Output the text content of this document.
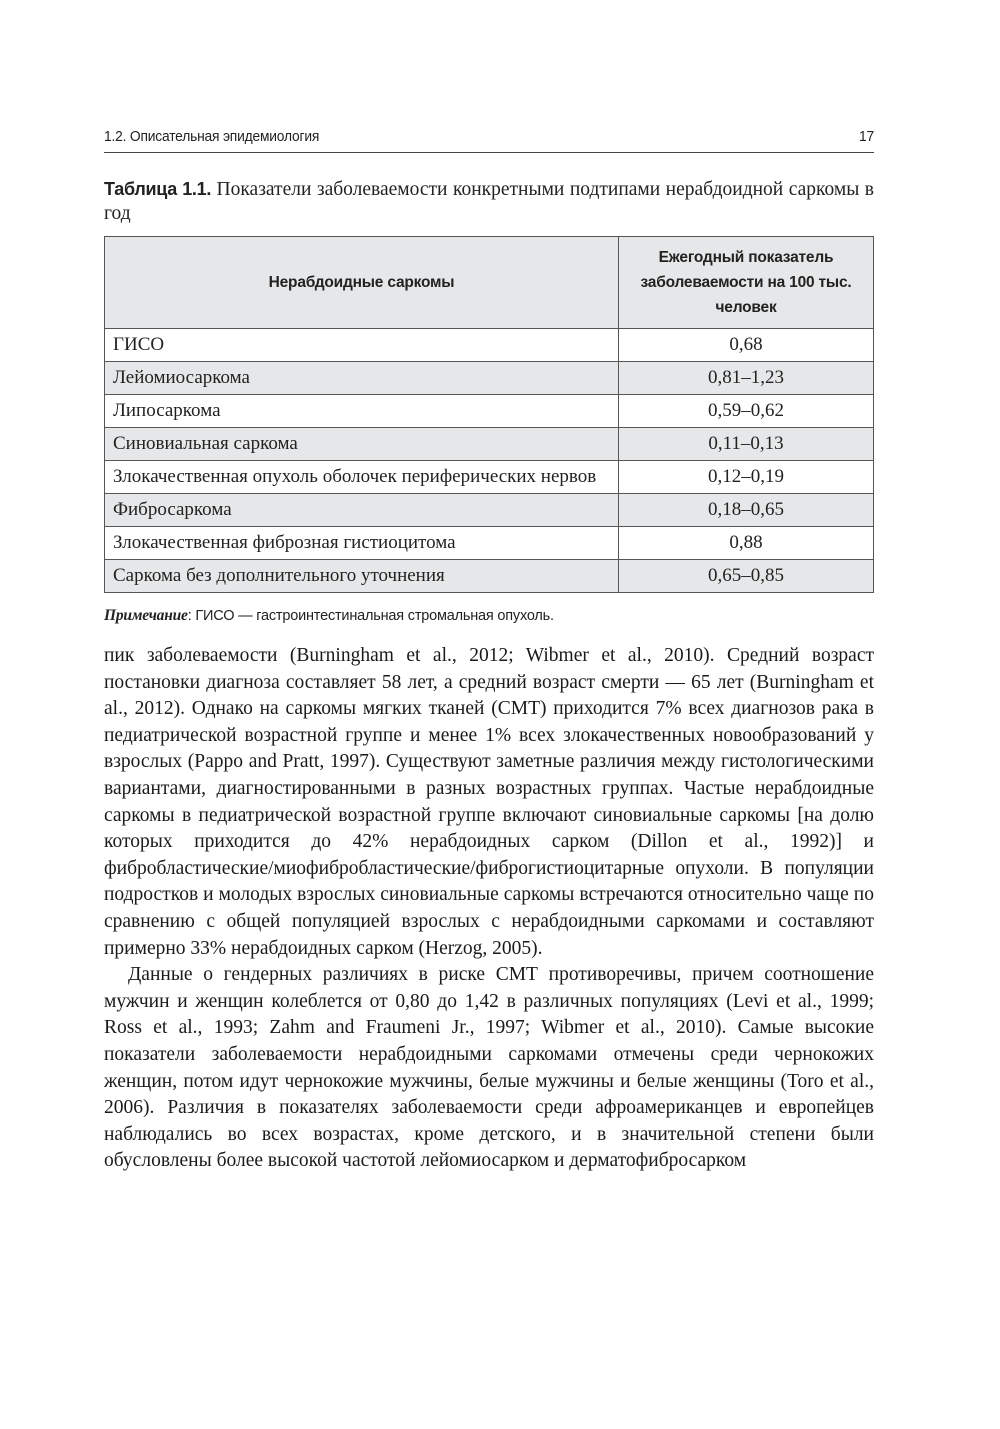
1.2. Описательная эпидемиология	17
Таблица 1.1. Показатели заболеваемости конкретными подтипами нерабдоидной саркомы в год
Нерабдоидные саркомы	Ежегодный показатель заболеваемости на 100 тыс. человек
ГИСО	0,68
Лейомиосаркома	0,81–1,23
Липосаркома	0,59–0,62
Синовиальная саркома	0,11–0,13
Злокачественная опухоль оболочек периферических нервов	0,12–0,19
Фибросаркома	0,18–0,65
Злокачественная фиброзная гистиоцитома	0,88
Саркома без дополнительного уточнения	0,65–0,85
Примечание: ГИСО — гастроинтестинальная стромальная опухоль.

пик заболеваемости (Burningham et al., 2012; Wibmer et al., 2010). Средний возраст постановки диагноза составляет 58 лет, а средний возраст смерти — 65 лет (Burningham et al., 2012). Однако на саркомы мягких тканей (СМТ) приходится 7% всех диагнозов рака в педиатрической возрастной группе и менее 1% всех злокачественных новообразований у взрослых (Pappo and Pratt, 1997). Существуют заметные различия между гистологическими вариантами, диагностированными в разных возрастных группах. Частые нерабдоидные саркомы в педиатрической возрастной группе включают синовиальные саркомы [на долю которых приходится до 42% нерабдоидных сарком (Dillon et al., 1992)] и фибробластические/миофибробластические/фиброгистиоцитарные опухоли. В популяции подростков и молодых взрослых синовиальные саркомы встречаются относительно чаще по сравнению с общей популяцией взрослых с нерабдоидными саркомами и составляют примерно 33% нерабдоидных сарком (Herzog, 2005).

Данные о гендерных различиях в риске СМТ противоречивы, причем соотношение мужчин и женщин колеблется от 0,80 до 1,42 в различных популяциях (Levi et al., 1999; Ross et al., 1993; Zahm and Fraumeni Jr., 1997; Wibmer et al., 2010). Самые высокие показатели заболеваемости нерабдоидными саркомами отмечены среди чернокожих женщин, потом идут чернокожие мужчины, белые мужчины и белые женщины (Toro et al., 2006). Различия в показателях заболеваемости среди афроамериканцев и европейцев наблюдались во всех возрастах, кроме детского, и в значительной степени были обусловлены более высокой частотой лейомиосарком и дерматофибросарком
